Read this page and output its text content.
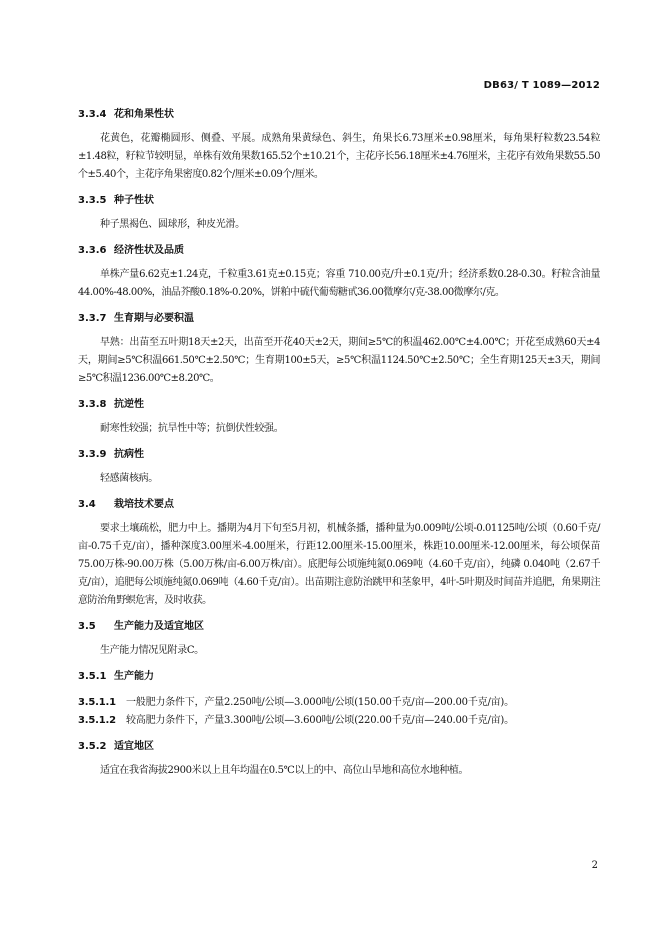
DB63/ T 1089—2012
3.3.4 花和角果性状

花黄色，花瓣椭圆形、侧叠、平展。成熟角果黄绿色、斜生，角果长6.73厘米±0.98厘米，每角果籽粒数23.54粒±1.48粒，籽粒节较明显，单株有效角果数165.52个±10.21个，主花序长56.18厘米±4.76厘米，主花序有效角果数55.50个±5.40个，主花序角果密度0.82个/厘米±0.09个/厘米。

3.3.5 种子性状

种子黑褐色、圆球形，种皮光滑。

3.3.6 经济性状及品质

单株产量6.62克±1.24克，千粒重3.61克±0.15克；容重 710.00克/升±0.1克/升；经济系数0.28-0.30。籽粒含油量44.00%-48.00%，油品芥酸0.18%-0.20%，饼粕中硫代葡萄糖甙36.00微摩尔/克-38.00微摩尔/克。

3.3.7 生育期与必要积温

早熟：出苗至五叶期18天±2天，出苗至开花40天±2天，期间≥5℃的积温462.00℃±4.00℃；开花至成熟60天±4天，期间≥5℃积温661.50℃±2.50℃；生育期100±5天，≥5℃积温1124.50℃±2.50℃；全生育期125天±3天，期间≥5℃积温1236.00℃±8.20℃。

3.3.8 抗逆性

耐寒性较强；抗旱性中等；抗倒伏性较强。

3.3.9 抗病性

轻感菌核病。

3.4 栽培技术要点

要求土壤疏松，肥力中上。播期为4月下旬至5月初，机械条播，播种量为0.009吨/公顷-0.01125吨/公顷（0.60千克/亩-0.75千克/亩），播种深度3.00厘米-4.00厘米，行距12.00厘米-15.00厘米，株距10.00厘米-12.00厘米，每公顷保苗75.00万株-90.00万株（5.00万株/亩-6.00万株/亩）。底肥每公顷施纯氮0.069吨（4.60千克/亩），纯磷 0.040吨（2.67千克/亩），追肥每公顷施纯氮0.069吨（4.60千克/亩）。出苗期注意防治跳甲和茎象甲，4叶-5叶期及时间苗并追肥，角果期注意防治角野螟危害，及时收获。

3.5 生产能力及适宜地区

生产能力情况见附录C。

3.5.1 生产能力
3.5.1.1 一般肥力条件下，产量2.250吨/公顷—3.000吨/公顷(150.00千克/亩—200.00千克/亩)。
3.5.1.2 较高肥力条件下，产量3.300吨/公顷—3.600吨/公顷(220.00千克/亩—240.00千克/亩)。
3.5.2 适宜地区

适宜在我省海拔2900米以上且年均温在0.5℃以上的中、高位山旱地和高位水地种植。

2
